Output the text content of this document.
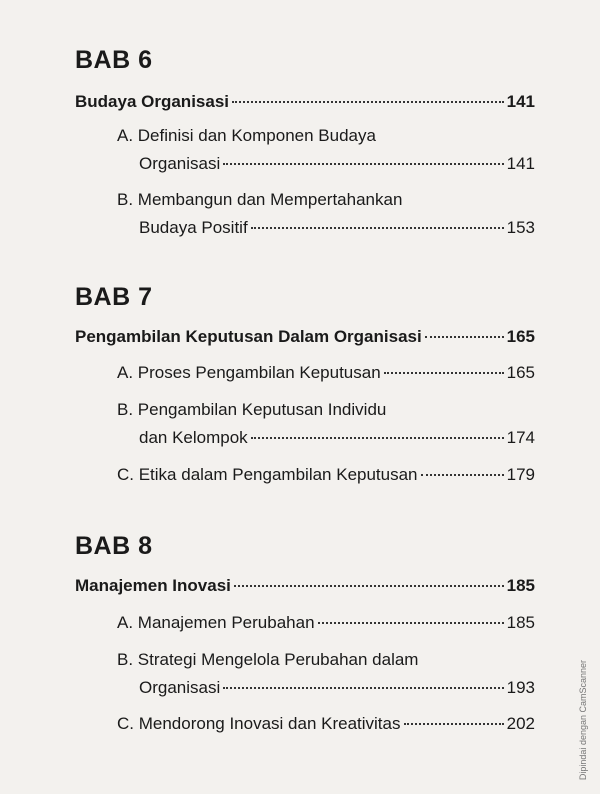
BAB 6
Budaya Organisasi	141
A. Definisi dan Komponen Budaya
Organisasi	141
B. Membangun dan Mempertahankan
Budaya Positif	153
BAB 7
Pengambilan Keputusan Dalam Organisasi	165
A. Proses Pengambilan Keputusan	165
B. Pengambilan Keputusan Individu
dan Kelompok	174
C. Etika dalam Pengambilan Keputusan	179
BAB 8
Manajemen Inovasi	185
A. Manajemen Perubahan	185
B. Strategi Mengelola Perubahan dalam
Organisasi	193
C. Mendorong Inovasi dan Kreativitas	202	Dipindai dengan CamScanner
